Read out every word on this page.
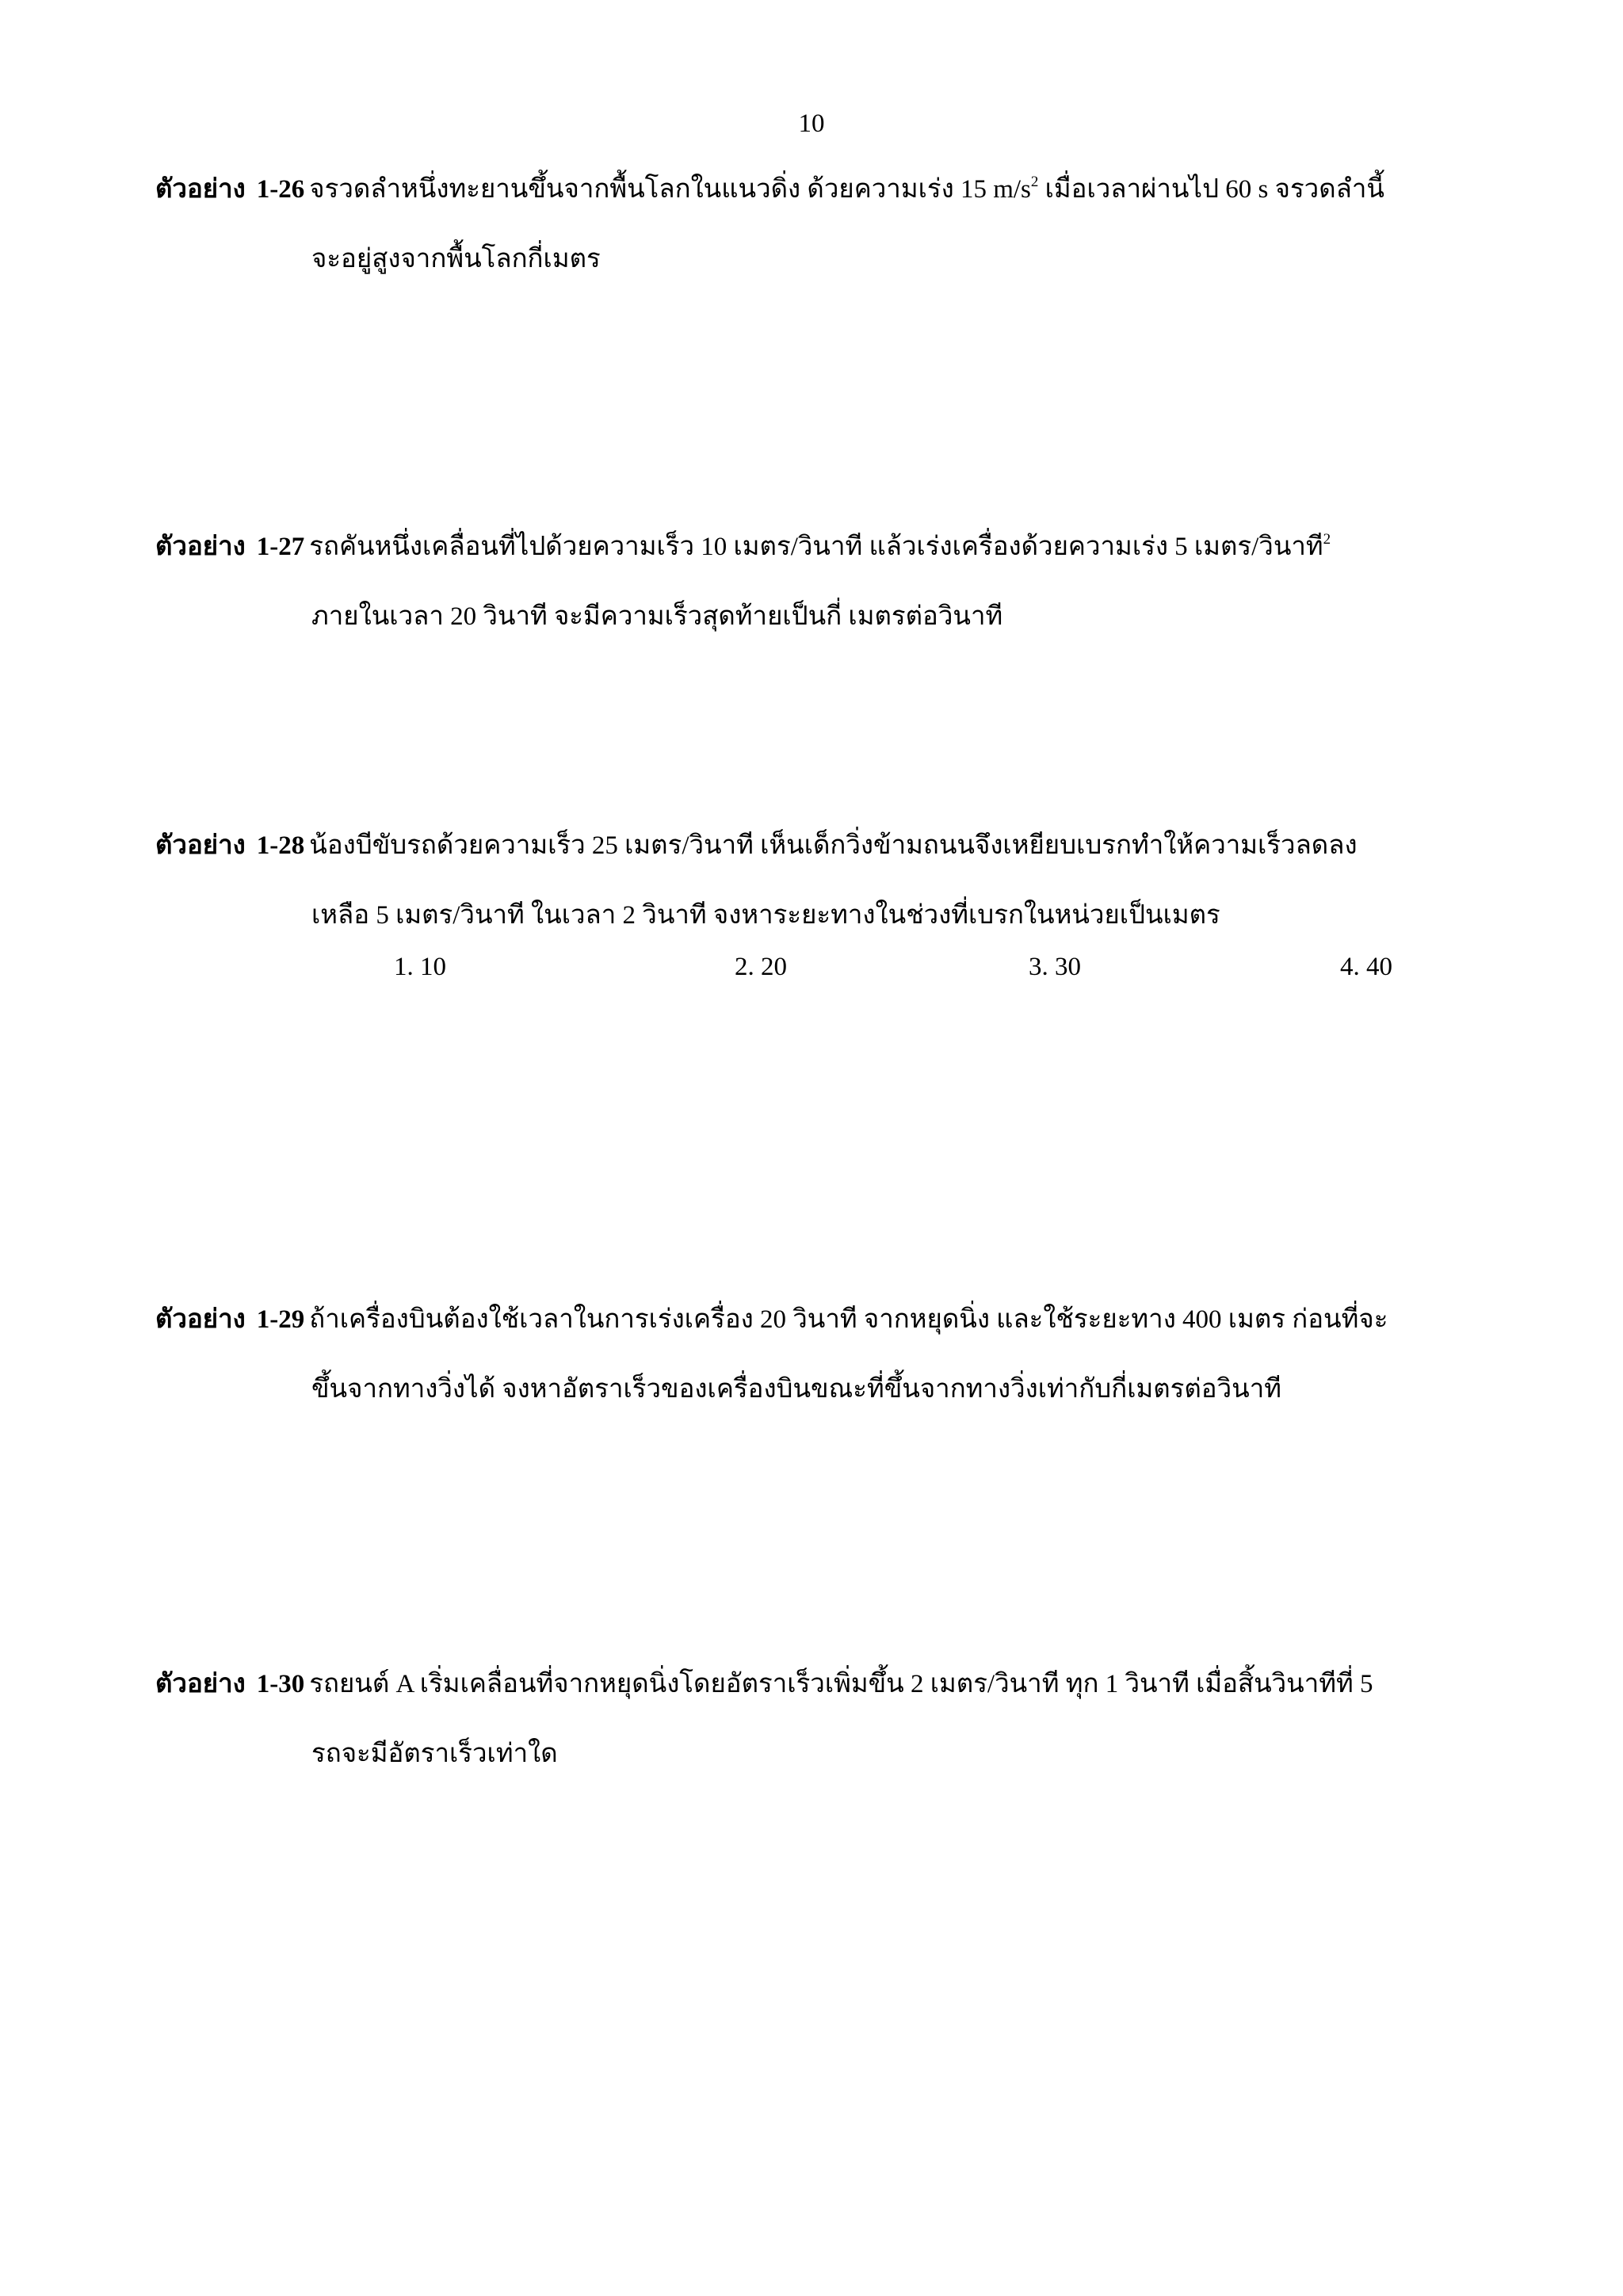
10
ตัวอย่าง 1-26 จรวดลำหนึ่งทะยานขึ้นจากพื้นโลกในแนวดิ่ง ด้วยความเร่ง 15 $m/s^2$ เมื่อเวลาผ่านไป 60 s จรวดลำนี้
จะอยู่สูงจากพื้นโลกกี่เมตร
ตัวอย่าง 1-27 รถคันหนึ่งเคลื่อนที่ไปด้วยความเร็ว 10 เมตร/วินาที แล้วเร่งเครื่องด้วยความเร่ง 5 เมตร/วินาที$^2$
ภายในเวลา 20 วินาที จะมีความเร็วสุดท้ายเป็นกี่ เมตรต่อวินาที
ตัวอย่าง 1-28 น้องบีขับรถด้วยความเร็ว 25 เมตร/วินาที เห็นเด็กวิ่งข้ามถนนจึงเหยียบเบรกทำให้ความเร็วลดลง
เหลือ 5 เมตร/วินาที ในเวลา 2 วินาที จงหาระยะทางในช่วงที่เบรกในหน่วยเป็นเมตร
1. 10	2. 20	3. 30	4. 40
ตัวอย่าง 1-29 ถ้าเครื่องบินต้องใช้เวลาในการเร่งเครื่อง 20 วินาที จากหยุดนิ่ง และใช้ระยะทาง 400 เมตร ก่อนที่จะ
ขึ้นจากทางวิ่งได้ จงหาอัตราเร็วของเครื่องบินขณะที่ขึ้นจากทางวิ่งเท่ากับกี่เมตรต่อวินาที
ตัวอย่าง 1-30 รถยนต์ A เริ่มเคลื่อนที่จากหยุดนิ่งโดยอัตราเร็วเพิ่มขึ้น 2 เมตร/วินาที ทุก 1 วินาที เมื่อสิ้นวินาทีที่ 5
รถจะมีอัตราเร็วเท่าใด
